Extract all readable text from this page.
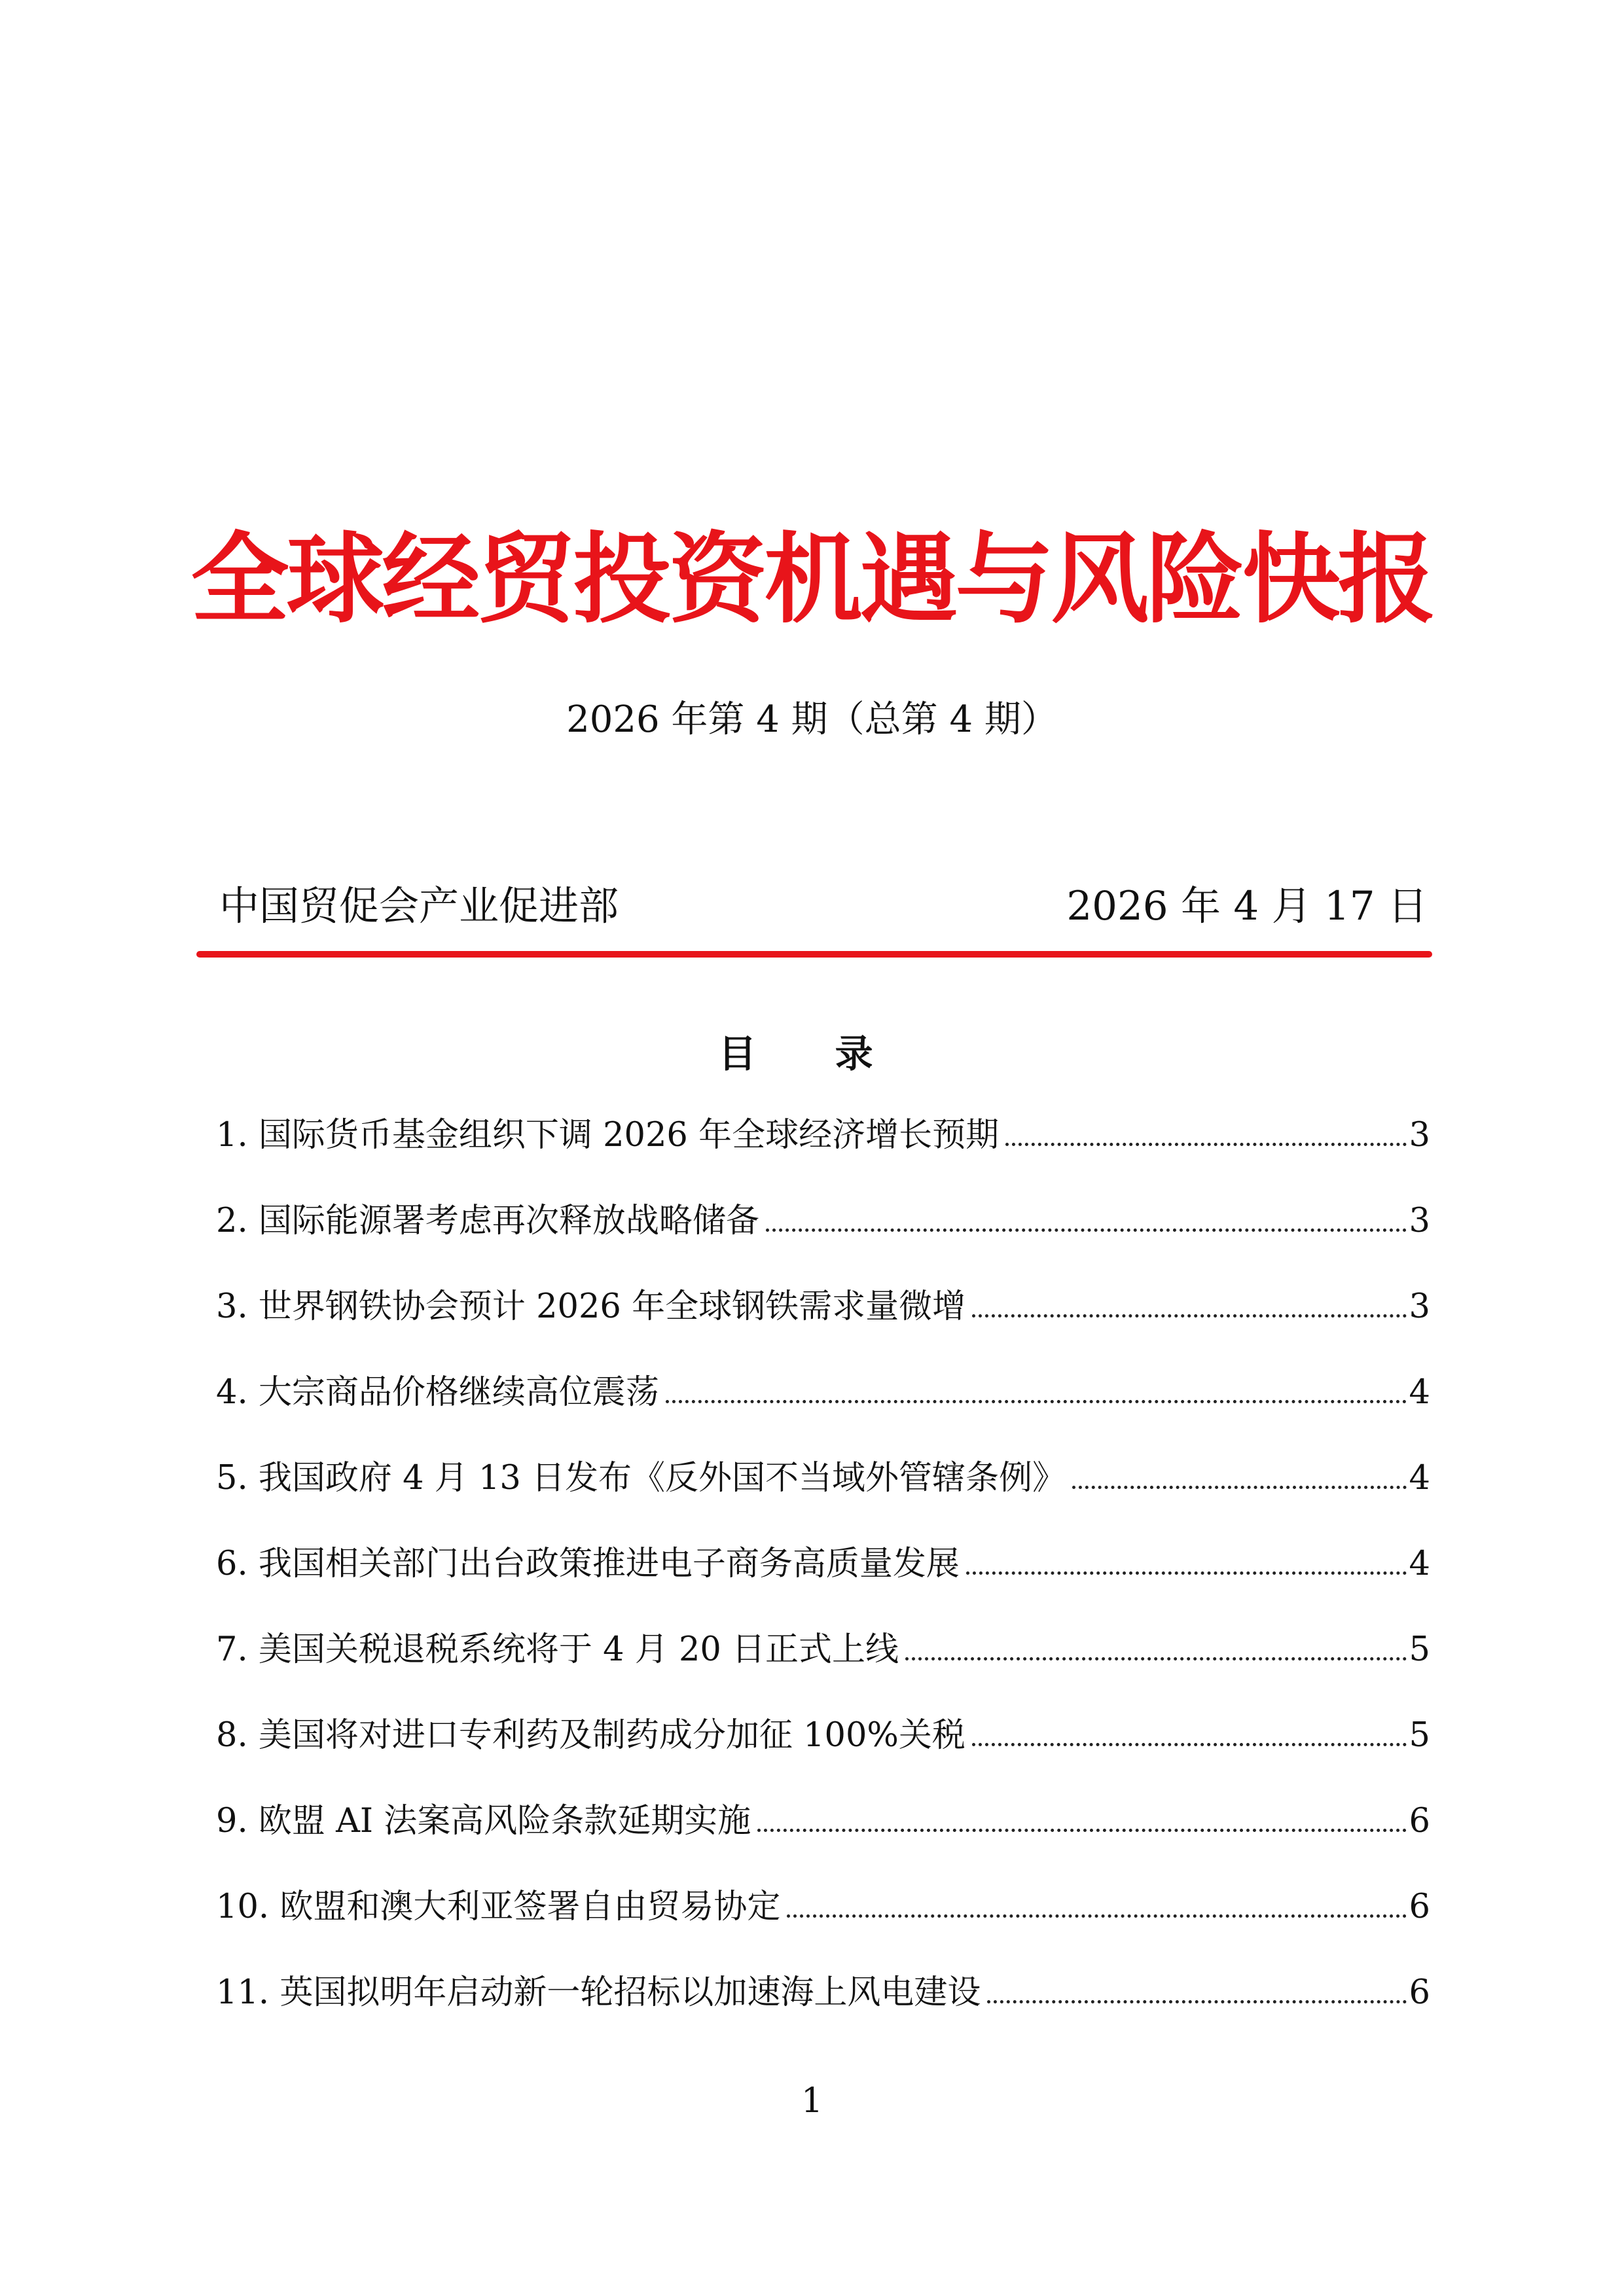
全球经贸投资机遇与风险快报
2026 年第 4 期（总第 4 期）
中国贸促会产业促进部	2026 年 4 月 17 日
目 录
1. 国际货币基金组织下调 2026 年全球经济增长预期	3
2. 国际能源署考虑再次释放战略储备	3
3. 世界钢铁协会预计 2026 年全球钢铁需求量微增	3
4. 大宗商品价格继续高位震荡	4
5. 我国政府 4 月 13 日发布《反外国不当域外管辖条例》	4
6. 我国相关部门出台政策推进电子商务高质量发展	4
7. 美国关税退税系统将于 4 月 20 日正式上线	5
8. 美国将对进口专利药及制药成分加征 100%关税	5
9. 欧盟 AI 法案高风险条款延期实施	6
10. 欧盟和澳大利亚签署自由贸易协定	6
11. 英国拟明年启动新一轮招标以加速海上风电建设	6
1
